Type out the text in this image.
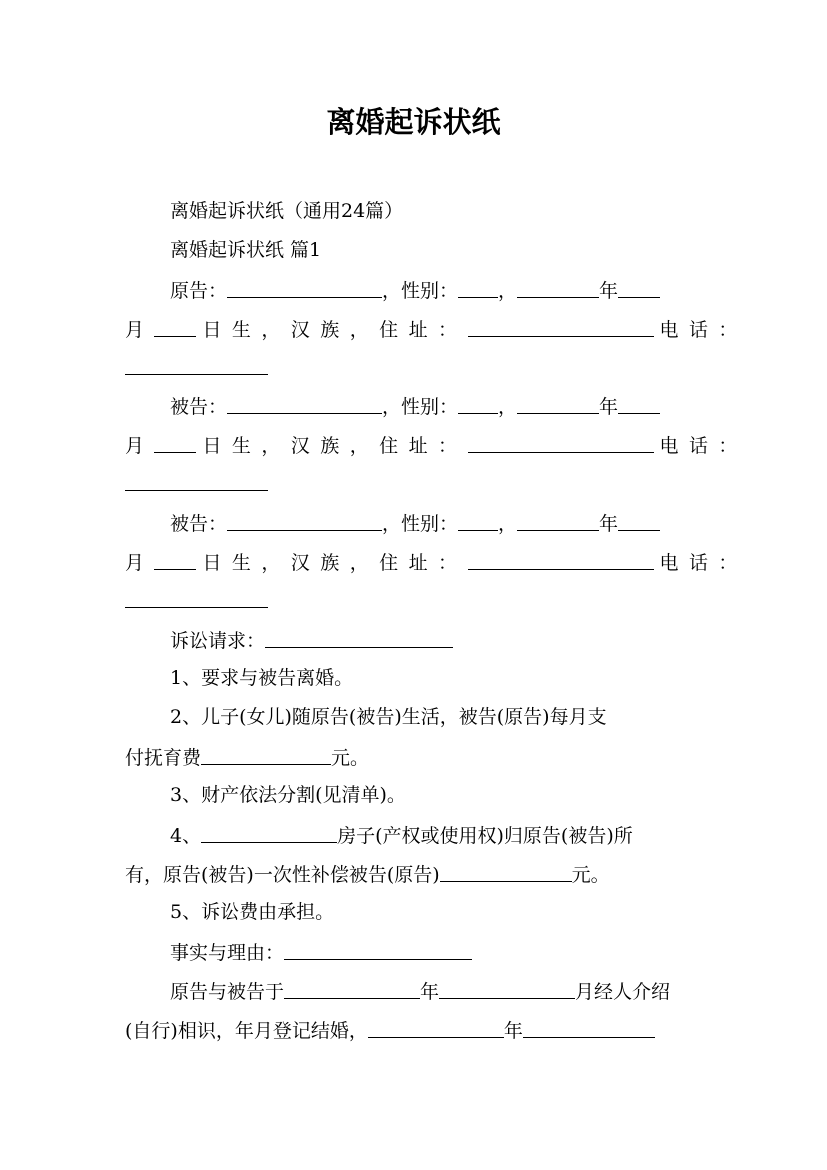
离婚起诉状纸
离婚起诉状纸（通用24篇）
离婚起诉状纸 篇1
原告：	，性别： ，	年
月	日生，汉族，住址：	电话：
被告：	，性别： ，	年
月	日生，汉族，住址：	电话：
被告：	，性别： ，	年
月	日生，汉族，住址：	电话：
诉讼请求：
1、要求与被告离婚。
2、儿子(女儿)随原告(被告)生活，被告(原告)每月支
付抚育费	元。
3、财产依法分割(见清单)。
4、	房子(产权或使用权)归原告(被告)所
有，原告(被告)一次性补偿被告(原告)	元。
5、诉讼费由承担。
事实与理由：
原告与被告于	年	月经人介绍
(自行)相识，年月登记结婚，	年
